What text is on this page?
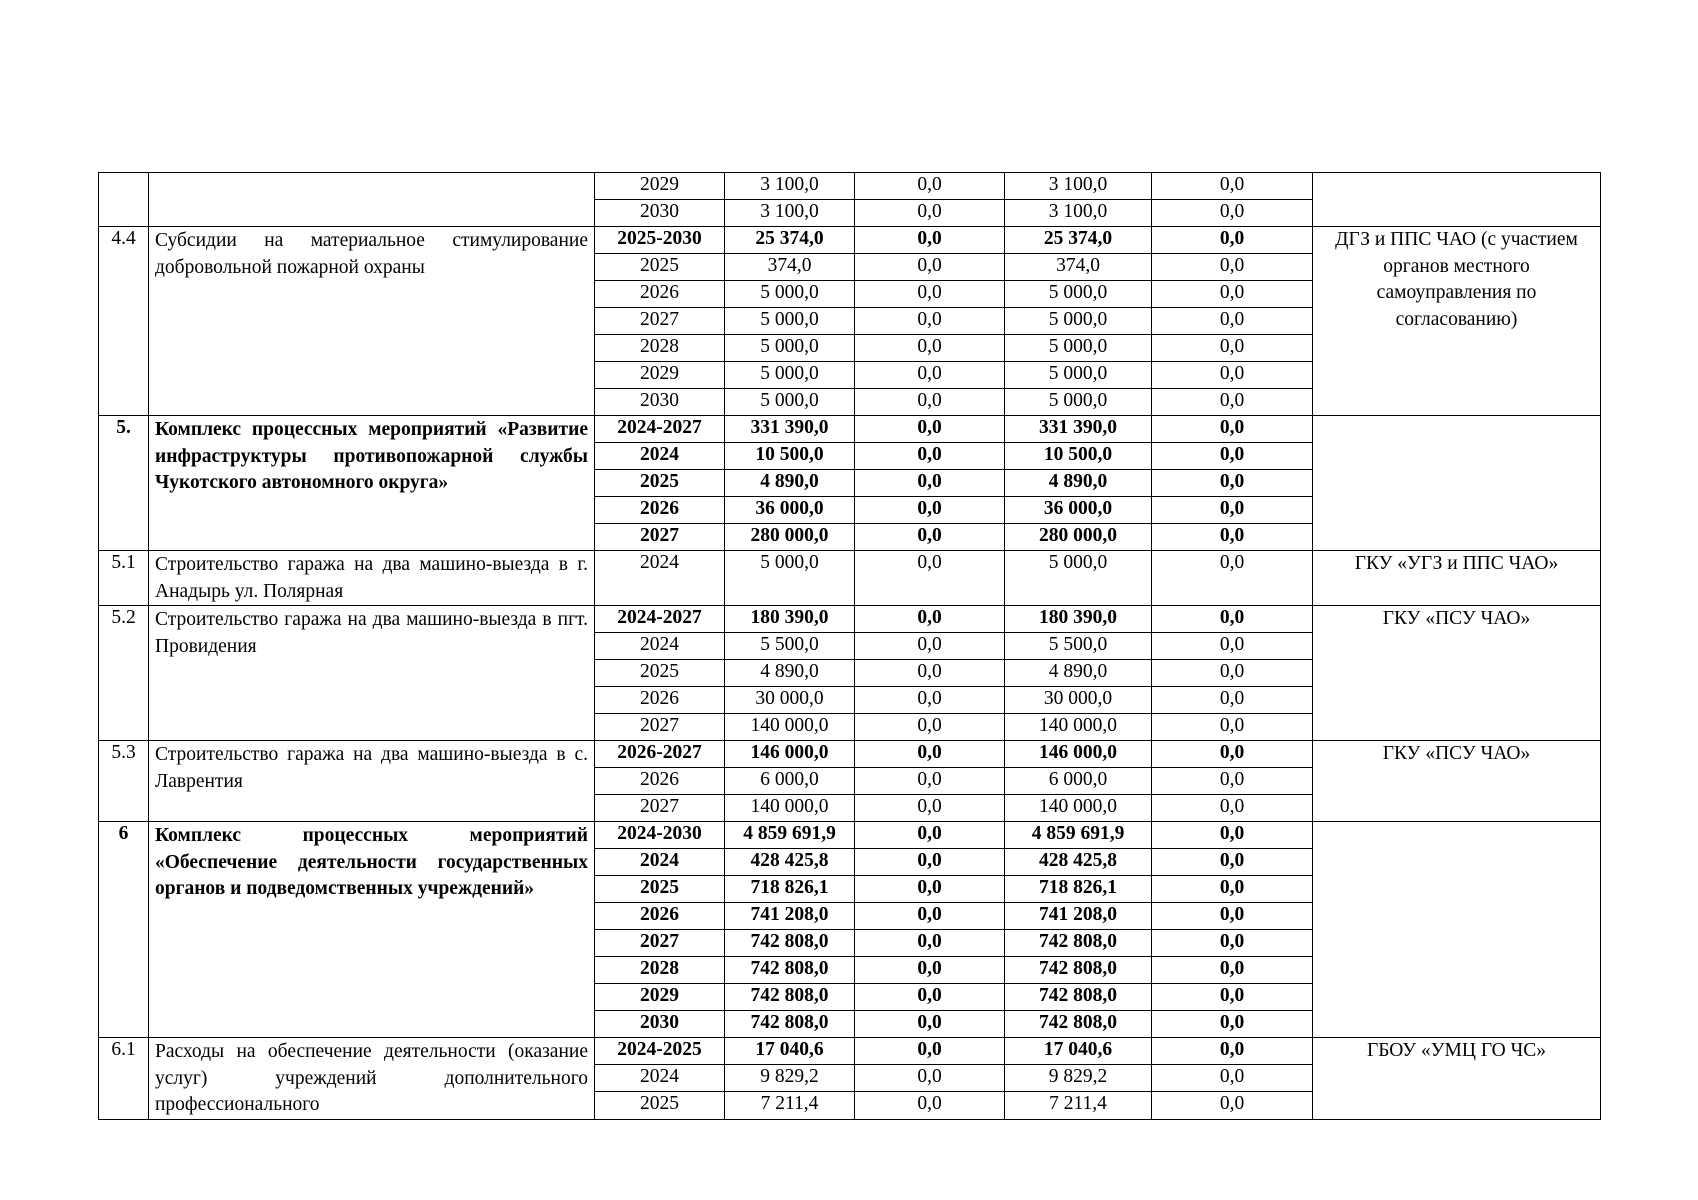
		2029	3 100,0	0,0	3 100,0	0,0	
		2030	3 100,0	0,0	3 100,0	0,0	
4.4	Субсидии на материальное стимулирование добровольной пожарной охраны	2025-2030	25 374,0	0,0	25 374,0	0,0	ДГЗ и ППС ЧАО (с участием органов местного самоуправления по согласованию)
		2025	374,0	0,0	374,0	0,0	
		2026	5 000,0	0,0	5 000,0	0,0	
		2027	5 000,0	0,0	5 000,0	0,0	
		2028	5 000,0	0,0	5 000,0	0,0	
		2029	5 000,0	0,0	5 000,0	0,0	
		2030	5 000,0	0,0	5 000,0	0,0	
5.	Комплекс процессных мероприятий «Развитие инфраструктуры противопожарной службы Чукотского автономного округа»	2024-2027	331 390,0	0,0	331 390,0	0,0	
		2024	10 500,0	0,0	10 500,0	0,0	
		2025	4 890,0	0,0	4 890,0	0,0	
		2026	36 000,0	0,0	36 000,0	0,0	
		2027	280 000,0	0,0	280 000,0	0,0	
5.1	Строительство гаража на два машино-выезда в г. Анадырь ул. Полярная	2024	5 000,0	0,0	5 000,0	0,0	ГКУ «УГЗ и ППС ЧАО»
5.2	Строительство гаража на два машино-выезда в пгт. Провидения	2024-2027	180 390,0	0,0	180 390,0	0,0	ГКУ «ПСУ ЧАО»
		2024	5 500,0	0,0	5 500,0	0,0	
		2025	4 890,0	0,0	4 890,0	0,0	
		2026	30 000,0	0,0	30 000,0	0,0	
		2027	140 000,0	0,0	140 000,0	0,0	
5.3	Строительство гаража на два машино-выезда в с. Лаврентия	2026-2027	146 000,0	0,0	146 000,0	0,0	ГКУ «ПСУ ЧАО»
		2026	6 000,0	0,0	6 000,0	0,0	
		2027	140 000,0	0,0	140 000,0	0,0	
6	Комплекс процессных мероприятий «Обеспечение деятельности государственных органов и подведомственных учреждений»	2024-2030	4 859 691,9	0,0	4 859 691,9	0,0	
		2024	428 425,8	0,0	428 425,8	0,0	
		2025	718 826,1	0,0	718 826,1	0,0	
		2026	741 208,0	0,0	741 208,0	0,0	
		2027	742 808,0	0,0	742 808,0	0,0	
		2028	742 808,0	0,0	742 808,0	0,0	
		2029	742 808,0	0,0	742 808,0	0,0	
		2030	742 808,0	0,0	742 808,0	0,0	
6.1	Расходы на обеспечение деятельности (оказание услуг) учреждений дополнительного профессионального	2024-2025	17 040,6	0,0	17 040,6	0,0	ГБОУ «УМЦ ГО ЧС»
		2024	9 829,2	0,0	9 829,2	0,0	
		2025	7 211,4	0,0	7 211,4	0,0	
